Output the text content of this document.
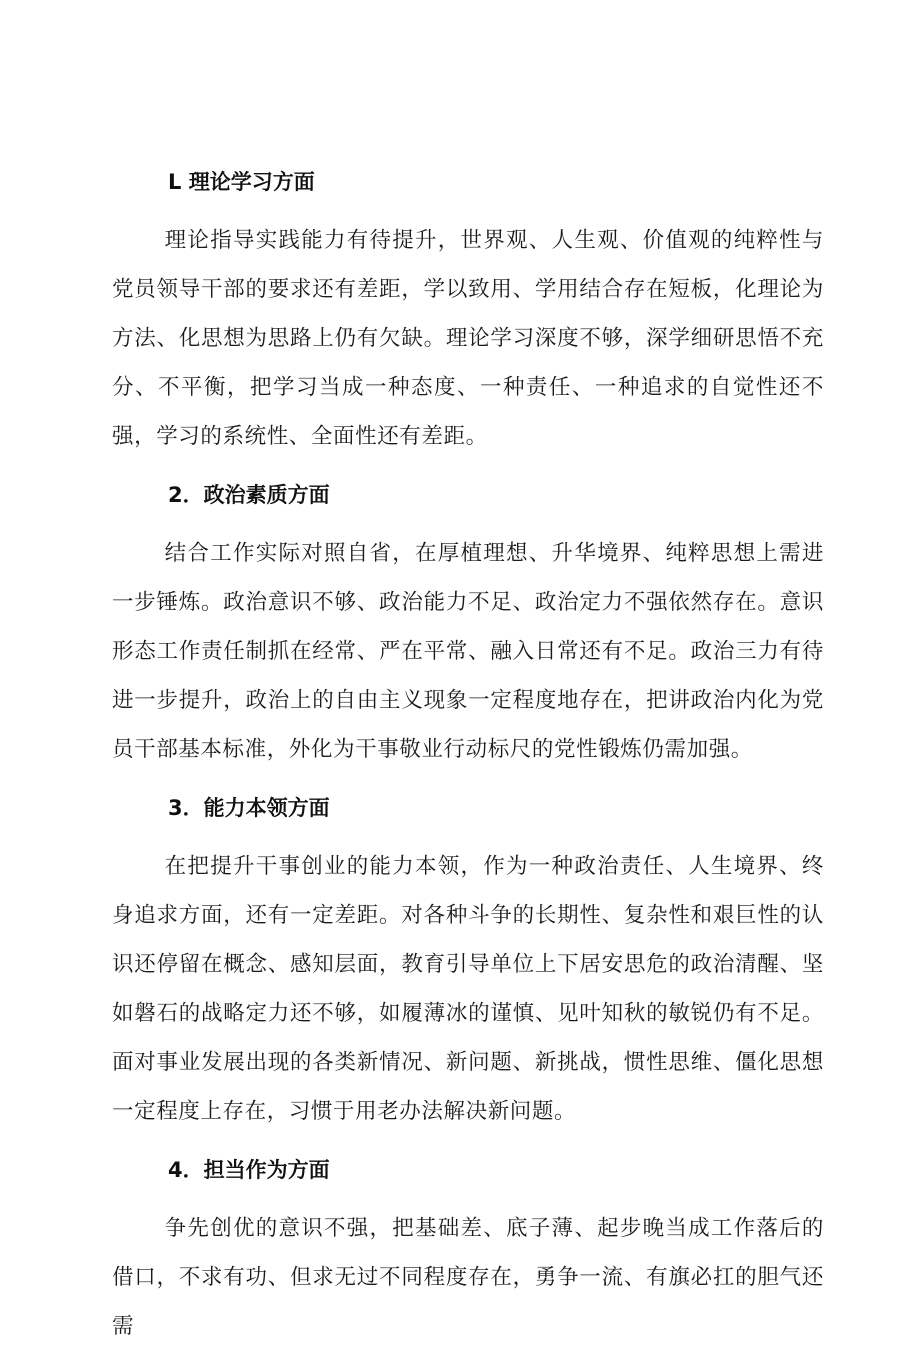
L 理论学习方面

理论指导实践能力有待提升，世界观、人生观、价值观的纯粹性与党员领导干部的要求还有差距，学以致用、学用结合存在短板，化理论为方法、化思想为思路上仍有欠缺。理论学习深度不够，深学细研思悟不充分、不平衡，把学习当成一种态度、一种责任、一种追求的自觉性还不强，学习的系统性、全面性还有差距。

2．政治素质方面

结合工作实际对照自省，在厚植理想、升华境界、纯粹思想上需进一步锤炼。政治意识不够、政治能力不足、政治定力不强依然存在。意识形态工作责任制抓在经常、严在平常、融入日常还有不足。政治三力有待进一步提升，政治上的自由主义现象一定程度地存在，把讲政治内化为党员干部基本标准，外化为干事敬业行动标尺的党性锻炼仍需加强。

3．能力本领方面

在把提升干事创业的能力本领，作为一种政治责任、人生境界、终身追求方面，还有一定差距。对各种斗争的长期性、复杂性和艰巨性的认识还停留在概念、感知层面，教育引导单位上下居安思危的政治清醒、坚如磐石的战略定力还不够，如履薄冰的谨慎、见叶知秋的敏锐仍有不足。面对事业发展出现的各类新情况、新问题、新挑战，惯性思维、僵化思想一定程度上存在，习惯于用老办法解决新问题。

4．担当作为方面

争先创优的意识不强，把基础差、底子薄、起步晚当成工作落后的借口，不求有功、但求无过不同程度存在，勇争一流、有旗必扛的胆气还需
